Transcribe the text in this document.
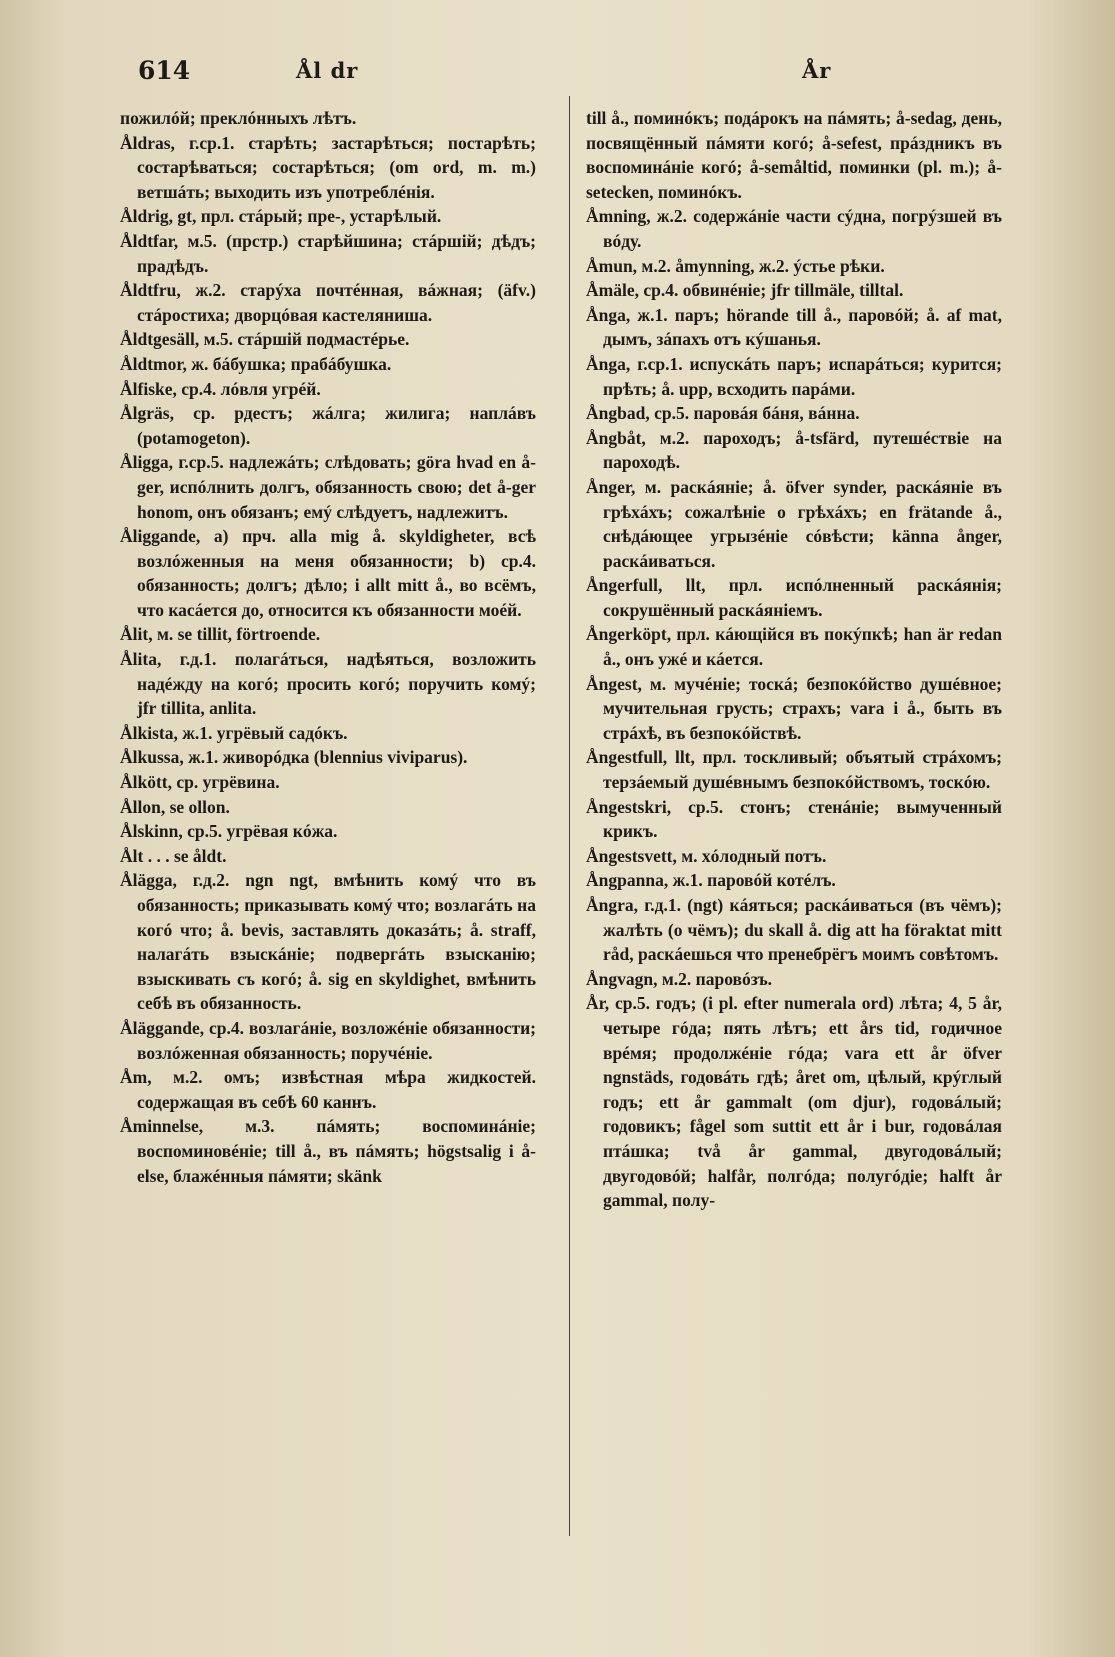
614	Ål dr	År

пожилóй; преклóнныхъ лѣтъ.

Åldras, г.ср.1. старѣть; застарѣться; постарѣть; состарѣваться; состарѣться; (om ord, m. m.) ветшáть; выходить изъ употреблéнія.

Åldrig, gt, прл. стáрый; пре-, устарѣлый.

Åldtfar, м.5. (прстр.) старѣйшина; стáршій; дѣдъ; прадѣдъ.

Åldtfru, ж.2. старýха почтéнная, вáжная; (äfv.) стáростиха; дворцóвая кастеляниша.

Åldtgesäll, м.5. стáршій подмастéрье.

Åldtmor, ж. бáбушка; прабáбушка.

Ålfiske, ср.4. лóвля угрéй.

Ålgräs, ср. рдестъ; жáлга; жилига; наплáвъ (potamogeton).

Åligga, г.ср.5. надлежáть; слѣдовать; göra hvad en å-ger, испóлнить долгъ, обязанность свою; det å-ger honom, онъ обязанъ; емý слѣдуетъ, надлежитъ.

Åliggande, a) прч. alla mig å. skyldigheter, всѣ возлóженныя на меня обязанности; b) ср.4. обязанность; долгъ; дѣло; i allt mitt å., во всёмъ, что касáется до, относится къ обязанности моéй.

Ålit, м. se tillit, förtroende.

Ålita, г.д.1. полагáться, надѣяться, возложить надéжду на когó; просить когó; поручить комý; jfr tillita, anlita.

Ålkista, ж.1. угрёвый садóкъ.

Ålkussa, ж.1. живорóдка (blennius viviparus).

Ålkött, ср. угрёвина.

Ållon, se ollon.

Ålskinn, ср.5. угрёвая кóжа.

Ålt . . . se åldt.

Ålägga, г.д.2. ngn ngt, вмѣнить комý что въ обязанность; приказывать комý что; возлагáть на когó что; å. bevis, заставлять доказáть; å. straff, налагáть взыскáніе; подвергáть взысканію; взыскивать съ когó; å. sig en skyldighet, вмѣнить себѣ въ обязанность.

Åläggande, ср.4. возлагáніе, возложéніе обязанности; возлóженная обязанность; поручéніе.

Åm, м.2. омъ; извѣстная мѣра жидкостей. содержащая въ себѣ 60 каннъ.

Åminnelse, м.3. пáмять; воспоминáніе; воспоминовéніе; till å., въ пáмять; högstsalig i å-else, блажéнныя пáмяти; skänk

till å., поминóкъ; подáрокъ на пáмять; å-sedag, день, посвящённый пáмяти когó; å-sefest, прáздникъ въ воспоминáніе когó; å-semåltid, поминки (pl. m.); å-setecken, поминóкъ.

Åmning, ж.2. содержáніе части сýдна, погрýзшей въ вóду.

Åmun, м.2. åmynning, ж.2. ýстье рѣки.

Åmäle, ср.4. обвинéніе; jfr tillmäle, tilltal.

Ånga, ж.1. паръ; hörande till å., паровóй; å. af mat, дымъ, зáпахъ отъ кýшанья.

Ånga, г.ср.1. испускáть паръ; испарáться; курится; прѣть; å. upp, всходить парáми.

Ångbad, ср.5. паровáя бáня, вáнна.

Ångbåt, м.2. пароходъ; å-tsfärd, путешéствіе на пароходѣ.

Ånger, м. раскáяніе; å. öfver synder, раскáяніе въ грѣхáхъ; сожалѣніе о грѣхáхъ; en frätande å., снѣдáющее угрызéніе сóвѣсти; känna ånger, раскáиваться.

Ångerfull, llt, прл. испóлненный раскáянія; сокрушённый раскáяніемъ.

Ångerköpt, прл. кáющійся въ покýпкѣ; han är redan å., онъ ужé и кáется.

Ångest, м. мучéніе; тоскá; безпокóйство душéвное; мучительная грусть; страхъ; vara i å., быть въ стрáхѣ, въ безпокóйствѣ.

Ångestfull, llt, прл. тоскливый; объятый стрáхомъ; терзáемый душéвнымъ безпокóйствомъ, тоскóю.

Ångestskri, ср.5. стонъ; стенáніе; вымученный крикъ.

Ångestsvett, м. хóлодный потъ.

Ångpanna, ж.1. паровóй котéлъ.

Ångra, г.д.1. (ngt) кáяться; раскáиваться (въ чёмъ); жалѣть (о чёмъ); du skall å. dig att ha föraktat mitt råd, раскáешься что пренебрёгъ моимъ совѣтомъ.

Ångvagn, м.2. паровóзъ.

År, ср.5. годъ; (i pl. efter numerala ord) лѣта; 4, 5 år, четыре гóда; пять лѣтъ; ett års tid, годичное врéмя; продолжéніе гóда; vara ett år öfver ngnstäds, годовáть гдѣ; året om, цѣлый, крýглый годъ; ett år gammalt (om djur), годовáлый; годовикъ; fågel som suttit ett år i bur, годовáлая птáшка; två år gammal, двугодовáлый; двугодовóй; halfår, полгóда; полугóдіе; halft år gammal, полу-
